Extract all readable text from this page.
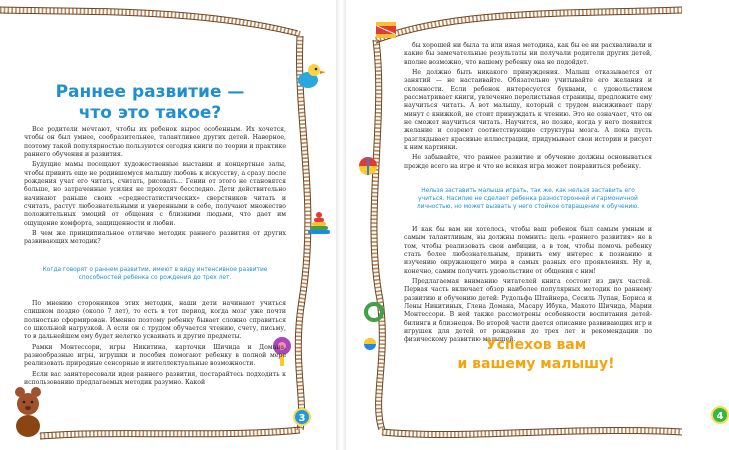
Раннее развитие —
что это такое?

Все родители мечтают, чтобы их ребенок вырос особенным. Их хочется, чтобы он был умнее, сообразительнее, талантливее других детей. Наверное, поэтому такой популярностью пользуются сегодня книги по теории и практике раннего обучения и развития.

Будущие мамы посещают художественные выставки и концертные залы, чтобы привить еще не родившемуся малышу любовь к искусству, а сразу после рождения учат его читать, считать, рисовать... Гении от этого не становятся больше, но затраченные усилия не проходят бесследно. Дети действительно начинают раньше своих «среднестатистических» сверстников читать и считать, растут любознательными и уверенными в себе, получают множество положительных эмоций от общения с близкими людьми, что дает им ощущение комфорта, защищенности и любви.

В чем же принципиальное отличие методик раннего развития от других развивающих методик?

Когда говорят о раннем развитии, имеют в виду интенсивное развитие способностей ребенка со рождения до трех лет.

По мнению сторонников этих методик, наши дети начинают учиться слишком поздно (около 7 лет), то есть в тот период, когда мозг уже почти полностью сформирован. Именно поэтому ребенку бывает сложно справиться со школьной нагрузкой. А если он с трудом обучается чтению, счету, письму, то в дальнейшем ему будет нелегко усваивать и другие предметы.

Рамки Монтессори, игры Никитина, карточки Шичида и Домана, разнообразные игры, игрушки и пособия помогают ребенку в полной мере реализовать природные сенсорные и интеллектуальные возможности.

Если вас заинтересовали идеи раннего развития, постарайтесь подходить к использованию предлагаемых методик разумно. Какой

3	4

бы хорошей ни была та или иная методика, как бы ее ни расхваливали и какие бы замечательные результаты ни получали родители других детей, вполне возможно, что вашему ребенку она не подойдет.

Не должно быть никакого принуждения. Малыш отказывается от занятий — не настаивайте. Обязательно учитывайте его желания и склонности. Если ребенок интересуется буквами, с удовольствием рассматривает книги, увлеченно перелистывая страницы, предложите ему научиться читать. А вот малышу, который с трудом высиживает пару минут с книжкой, не стоит принуждать к чтению. Это не означает, что он не сможет научиться читать. Научится, но позже, когда у него появится желание и созреют соответствующие структуры мозга. А пока пусть разглядывает красивые иллюстрации, придумывает свои истории и рисует к ним картинки.

Не забывайте, что раннее развитие и обучение должны основываться прежде всего на игре и что не всякая игра может понравиться ребенку.

Нельзя заставить малыша играть, так же, как нельзя заставить его учиться. Насилие не сделает ребенка разносторонней и гармоничной личностью, но может вызвать у него стойкое отвращение к обучению.

И как бы вам ни хотелось, чтобы ваш ребенок был самым умным и самым талантливым, вы должны помнить: цель «раннего развития» не в том, чтобы реализовать свои амбиции, а в том, чтобы помочь ребенку стать более любознательным, привить ему интерес к познанию и изучению окружающего мира в самых разных его проявлениях. Ну и, конечно, самим получить удовольствие от общения с ним!

Предлагаемая вниманию читателей книга состоит из двух частей. Первая часть включает обзор наиболее популярных методик по раннему развитию и обучению детей: Рудольфа Штайнера, Сесиль Лупан, Бориса и Лены Никитиных, Глена Домана, Масару Ибука, Макото Шичида, Марии Монтессори. В ней также рассмотрены особенности воспитания детей-билингв и близнецов. Во второй части дается описание развивающих игр и игрушек для детей от рождения до трех лет и рекомендации по физическому развитию малышей.

Успехов вам
и вашему малышу!
